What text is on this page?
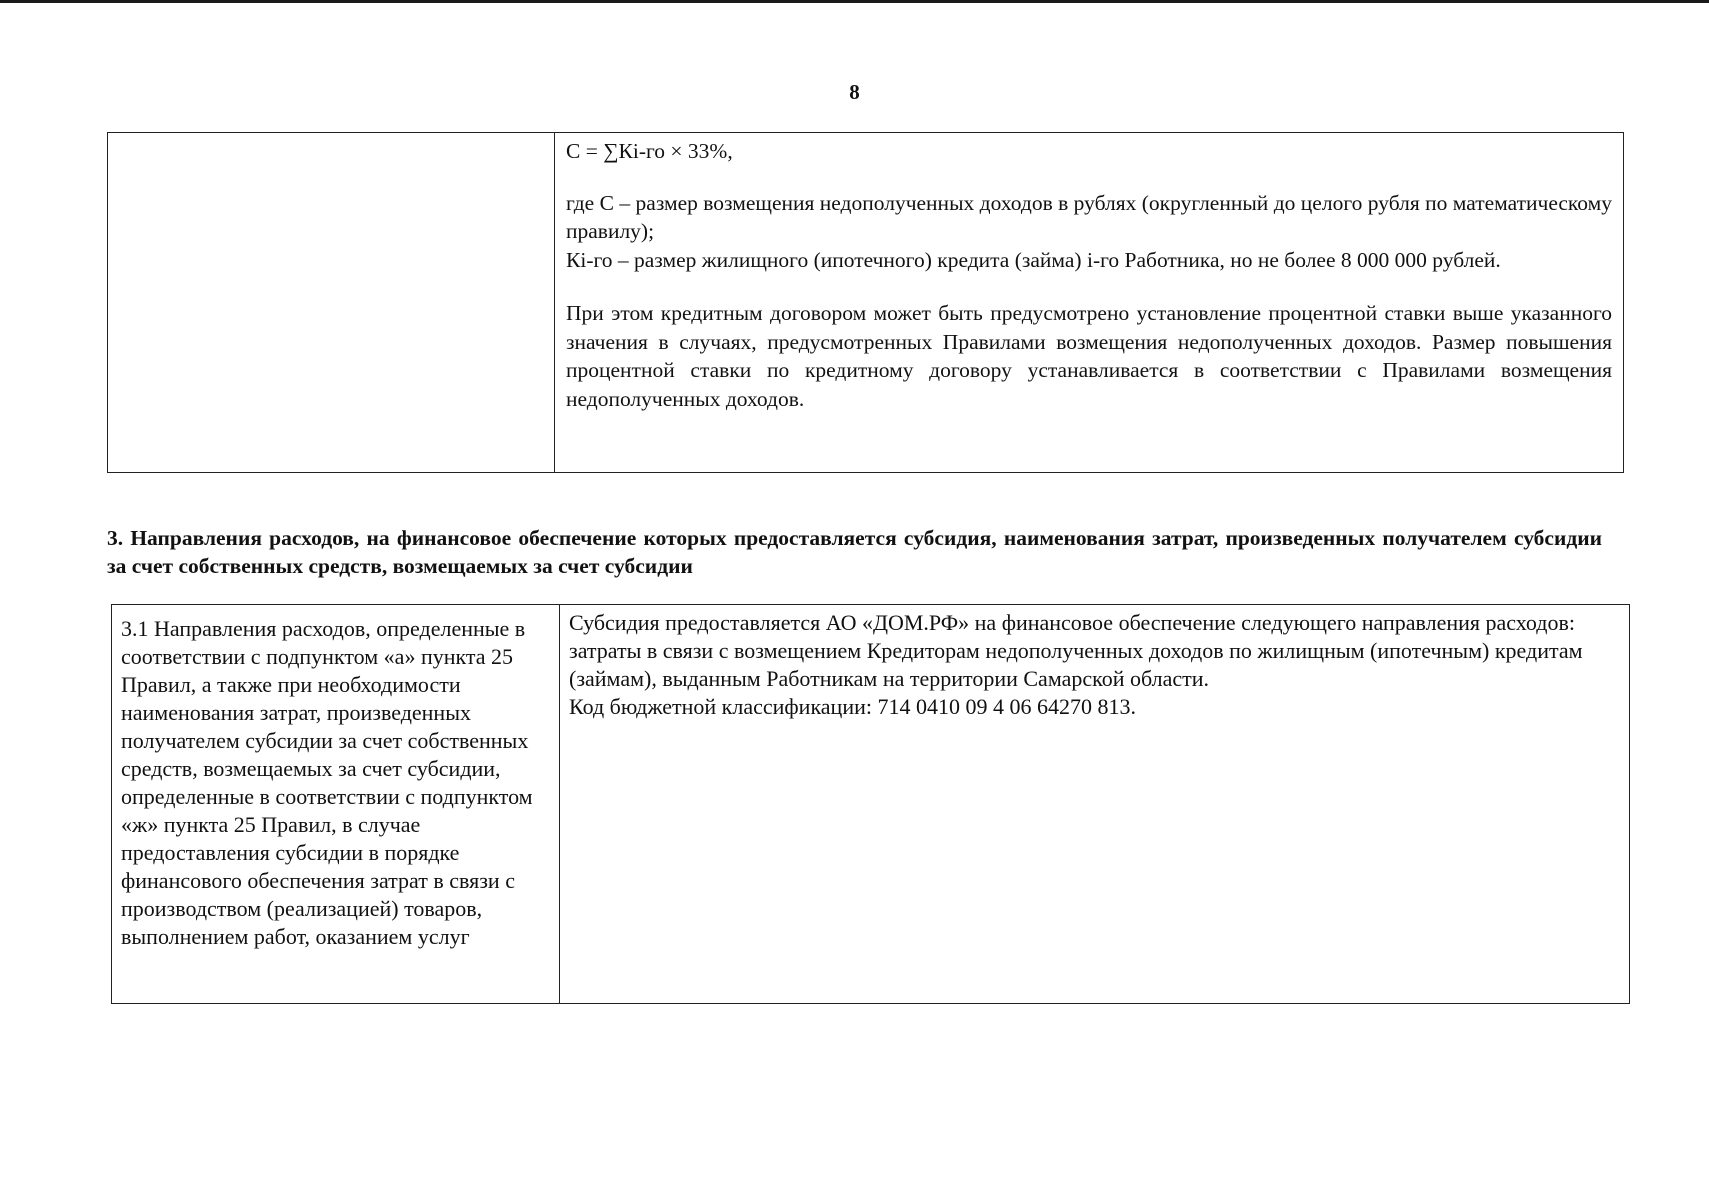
8

С = ∑Кi-го × 33%,

где С – размер возмещения недополученных доходов в рублях (округленный до целого рубля по математическому правилу);

Кi-го – размер жилищного (ипотечного) кредита (займа) i-го Работника, но не более 8 000 000 рублей.

При этом кредитным договором может быть предусмотрено установление процентной ставки выше указанного значения в случаях, предусмотренных Правилами возмещения недополученных доходов. Размер повышения процентной ставки по кредитному договору устанавливается в соответствии с Правилами возмещения недополученных доходов.

3. Направления расходов, на финансовое обеспечение которых предоставляется субсидия, наименования затрат, произведенных получателем субсидии за счет собственных средств, возмещаемых за счет субсидии

3.1 Направления расходов, определенные в соответствии с подпунктом «а» пункта 25 Правил, а также при необходимости наименования затрат, произведенных получателем субсидии за счет собственных средств, возмещаемых за счет субсидии, определенные в соответствии с подпунктом «ж» пункта 25 Правил, в случае предоставления субсидии в порядке финансового обеспечения затрат в связи с производством (реализацией) товаров, выполнением работ, оказанием услуг

Субсидия предоставляется АО «ДОМ.РФ» на финансовое обеспечение следующего направления расходов:

затраты в связи с возмещением Кредиторам недополученных доходов по жилищным (ипотечным) кредитам (займам), выданным Работникам на территории Самарской области.

Код бюджетной классификации: 714 0410 09 4 06 64270 813.
